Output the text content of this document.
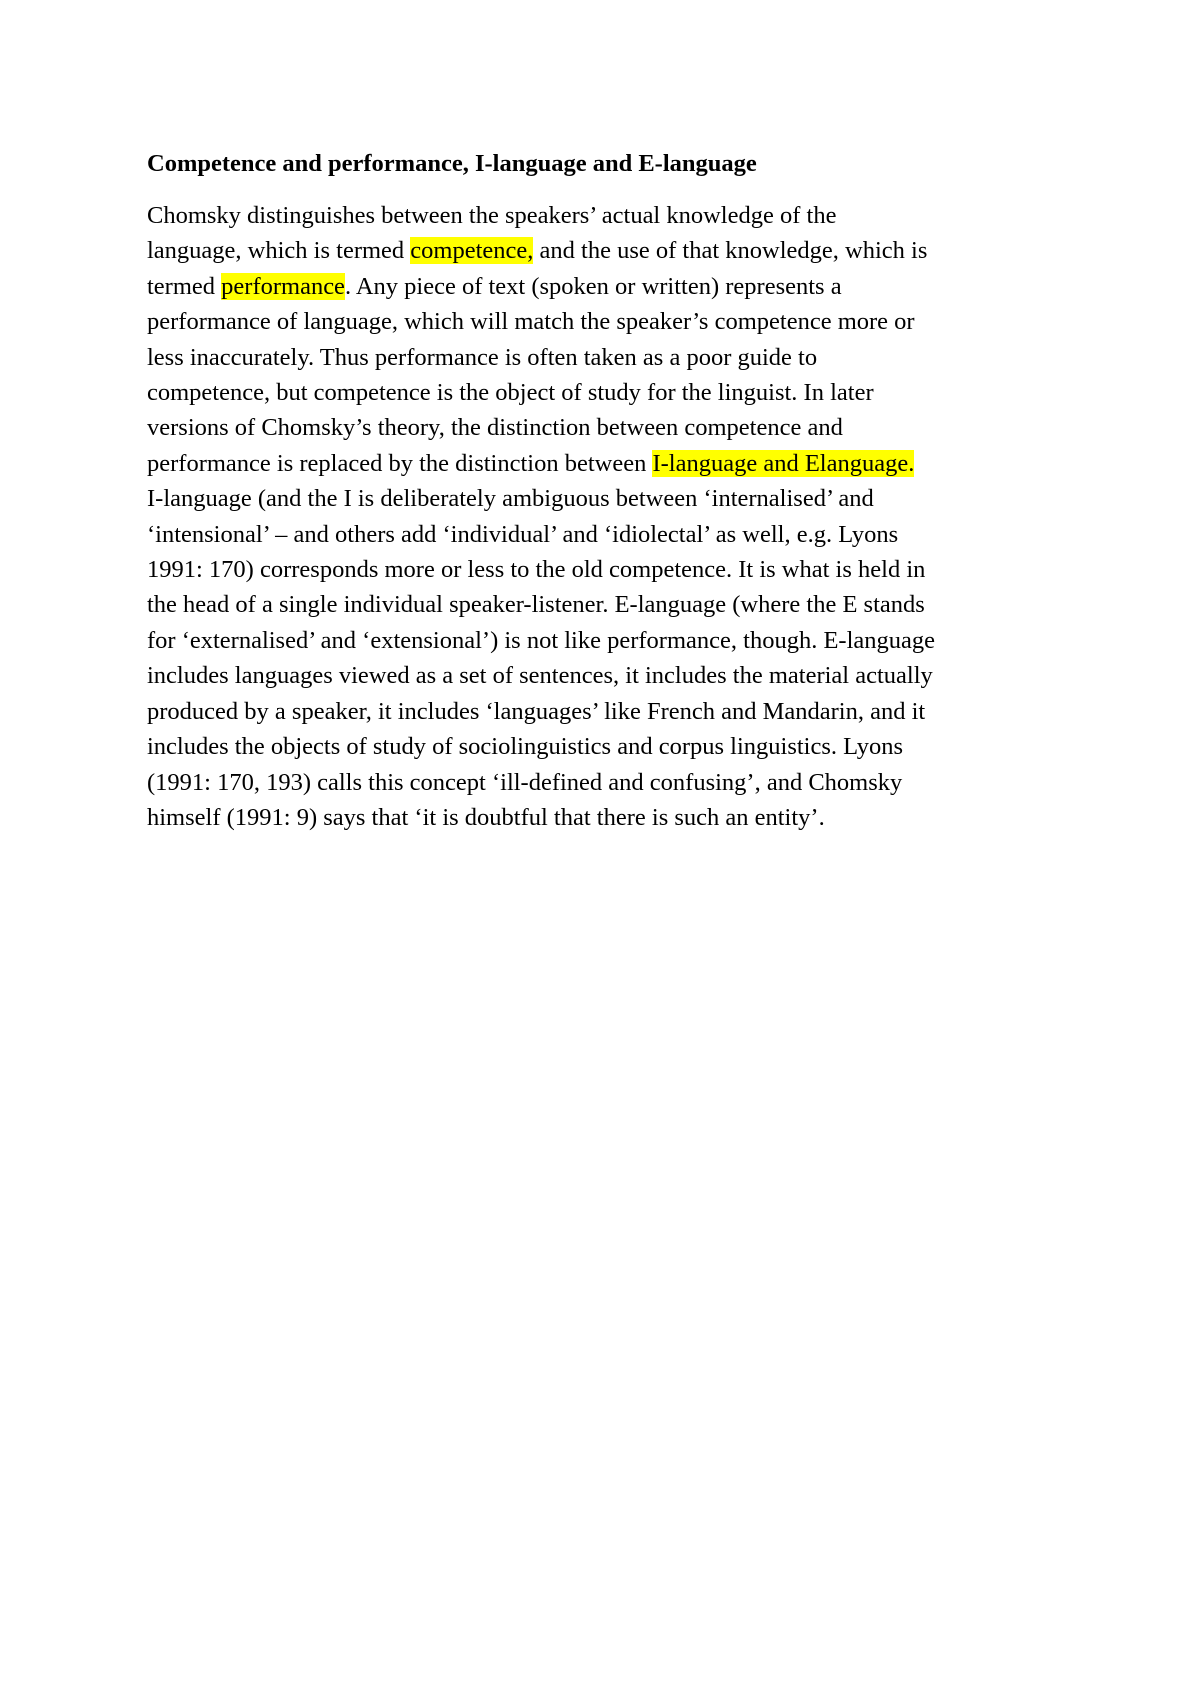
Competence and performance, I-language and E-language

Chomsky distinguishes between the speakers’ actual knowledge of the
language, which is termed competence, and the use of that knowledge, which is
termed performance. Any piece of text (spoken or written) represents a
performance of language, which will match the speaker’s competence more or
less inaccurately. Thus performance is often taken as a poor guide to
competence, but competence is the object of study for the linguist. In later
versions of Chomsky’s theory, the distinction between competence and
performance is replaced by the distinction between I-language and Elanguage.
I-language (and the I is deliberately ambiguous between ‘internalised’ and
‘intensional’ – and others add ‘individual’ and ‘idiolectal’ as well, e.g. Lyons
1991: 170) corresponds more or less to the old competence. It is what is held in
the head of a single individual speaker-listener. E-language (where the E stands
for ‘externalised’ and ‘extensional’) is not like performance, though. E-language
includes languages viewed as a set of sentences, it includes the material actually
produced by a speaker, it includes ‘languages’ like French and Mandarin, and it
includes the objects of study of sociolinguistics and corpus linguistics. Lyons
(1991: 170, 193) calls this concept ‘ill-defined and confusing’, and Chomsky
himself (1991: 9) says that ‘it is doubtful that there is such an entity’.
